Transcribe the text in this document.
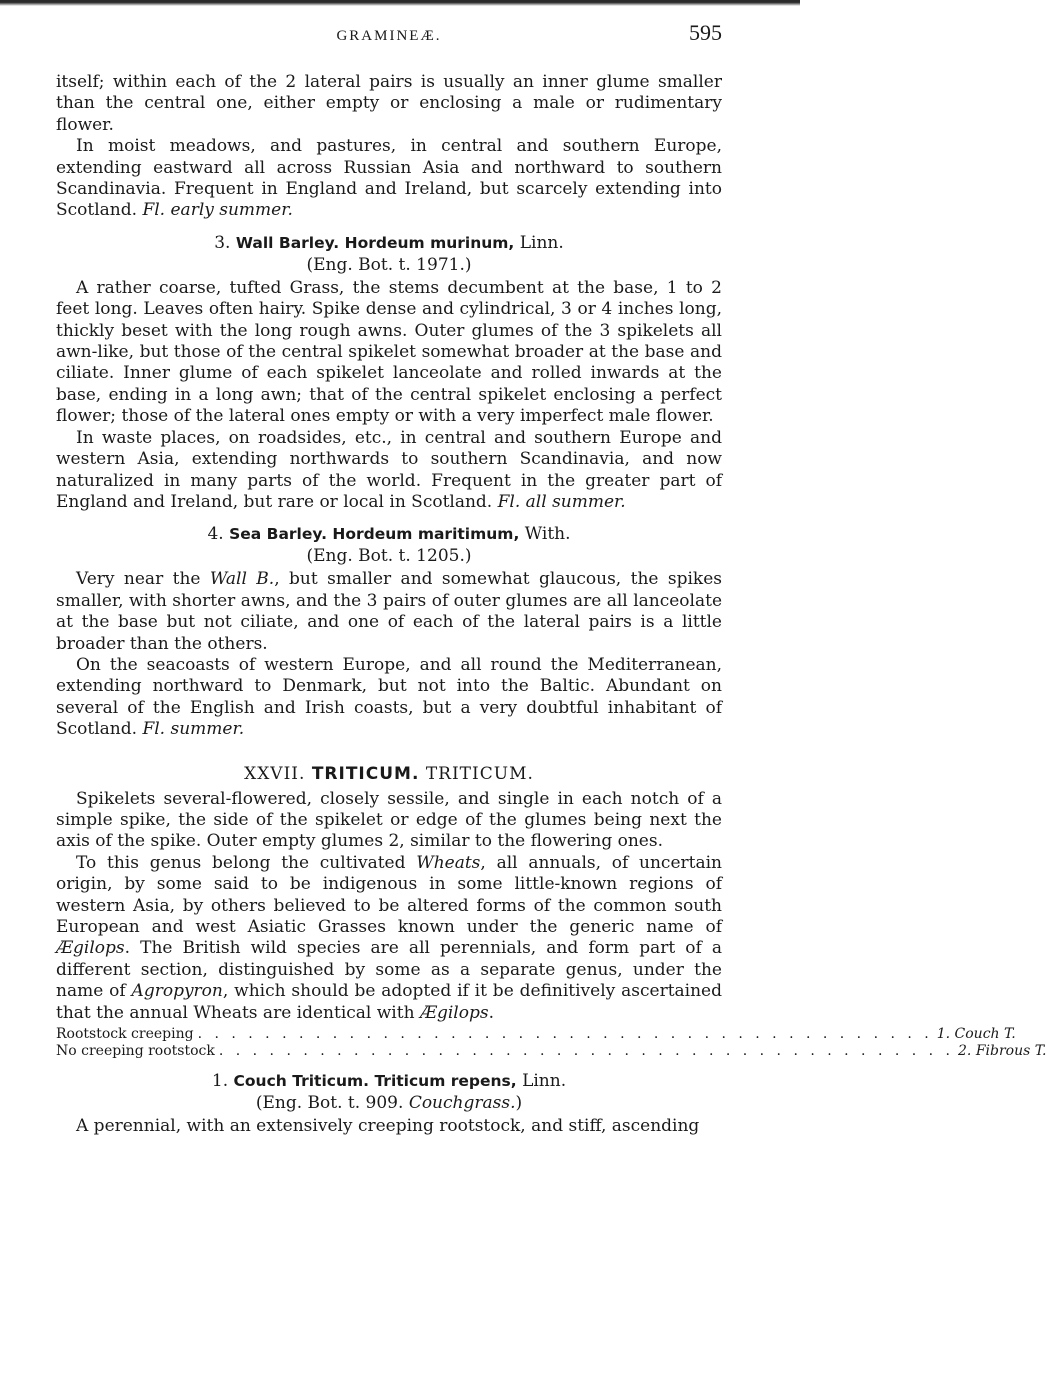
GRAMINEÆ.	595

itself; within each of the 2 lateral pairs is usually an inner glume smaller than the central one, either empty or enclosing a male or rudimentary flower.

In moist meadows, and pastures, in central and southern Europe, extending eastward all across Russian Asia and northward to southern Scandinavia. Frequent in England and Ireland, but scarcely extending into Scotland. Fl. early summer.

3. Wall Barley. Hordeum murinum, Linn.
(Eng. Bot. t. 1971.)

A rather coarse, tufted Grass, the stems decumbent at the base, 1 to 2 feet long. Leaves often hairy. Spike dense and cylindrical, 3 or 4 inches long, thickly beset with the long rough awns. Outer glumes of the 3 spikelets all awn-like, but those of the central spikelet somewhat broader at the base and ciliate. Inner glume of each spikelet lanceolate and rolled inwards at the base, ending in a long awn; that of the central spikelet enclosing a perfect flower; those of the lateral ones empty or with a very imperfect male flower.

In waste places, on roadsides, etc., in central and southern Europe and western Asia, extending northwards to southern Scandinavia, and now naturalized in many parts of the world. Frequent in the greater part of England and Ireland, but rare or local in Scotland. Fl. all summer.

4. Sea Barley. Hordeum maritimum, With.
(Eng. Bot. t. 1205.)

Very near the Wall B., but smaller and somewhat glaucous, the spikes smaller, with shorter awns, and the 3 pairs of outer glumes are all lanceolate at the base but not ciliate, and one of each of the lateral pairs is a little broader than the others.

On the seacoasts of western Europe, and all round the Mediterranean, extending northward to Denmark, but not into the Baltic. Abundant on several of the English and Irish coasts, but a very doubtful inhabitant of Scotland. Fl. summer.

XXVII. TRITICUM. TRITICUM.

Spikelets several-flowered, closely sessile, and single in each notch of a simple spike, the side of the spikelet or edge of the glumes being next the axis of the spike. Outer empty glumes 2, similar to the flowering ones.

To this genus belong the cultivated Wheats, all annuals, of uncertain origin, by some said to be indigenous in some little-known regions of western Asia, by others believed to be altered forms of the common south European and west Asiatic Grasses known under the generic name of Ægilops. The British wild species are all perennials, and form part of a different section, distinguished by some as a separate genus, under the name of Agropyron, which should be adopted if it be definitively ascertained that the annual Wheats are identical with Ægilops.

Rootstock creeping . . . . . . . . . . . . . . . . . . . . . . . . . . . . . . . . . . . . . . . . . . . . 1. Couch T.
No creeping rootstock . . . . . . . . . . . . . . . . . . . . . . . . . . . . . . . . . . . . . . . . . . . . 2. Fibrous T.
1. Couch Triticum. Triticum repens, Linn.
(Eng. Bot. t. 909. Couchgrass.)

A perennial, with an extensively creeping rootstock, and stiff, ascending
